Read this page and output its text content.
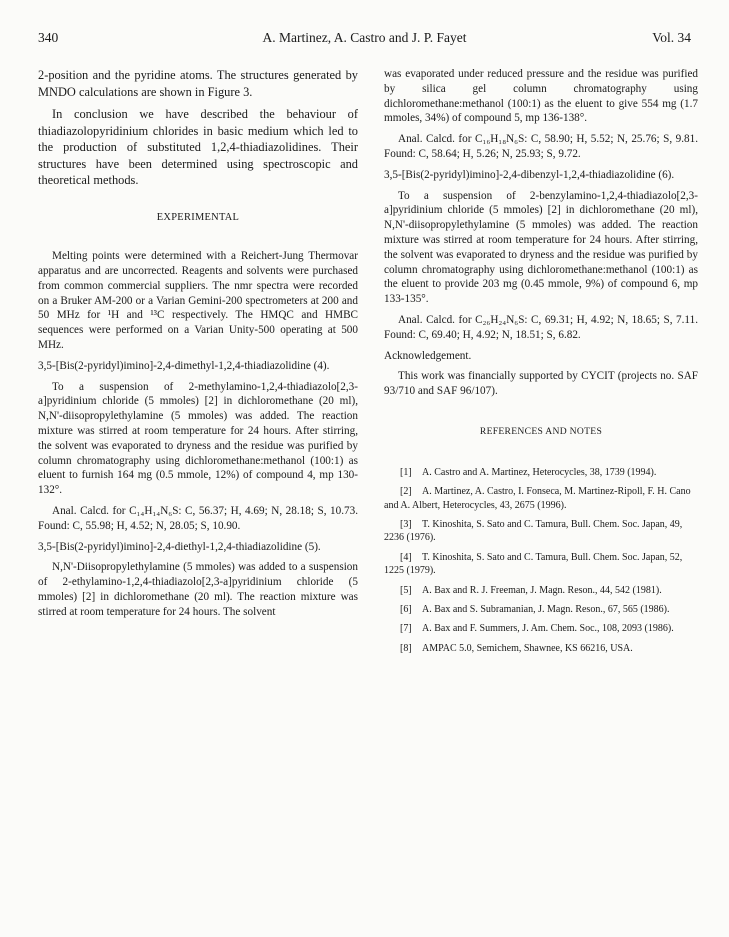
340	A. Martinez, A. Castro and J. P. Fayet	Vol. 34

2-position and the pyridine atoms. The structures generated by MNDO calculations are shown in Figure 3.

In conclusion we have described the behaviour of thiadiazolopyridinium chlorides in basic medium which led to the production of substituted 1,2,4-thiadiazolidines. Their structures have been determined using spectroscopic and theoretical methods.

EXPERIMENTAL

Melting points were determined with a Reichert-Jung Thermovar apparatus and are uncorrected. Reagents and solvents were purchased from common commercial suppliers. The nmr spectra were recorded on a Bruker AM-200 or a Varian Gemini-200 spectrometers at 200 and 50 MHz for ¹H and ¹³C respectively. The HMQC and HMBC sequences were performed on a Varian Unity-500 operating at 500 MHz.

3,5-[Bis(2-pyridyl)imino]-2,4-dimethyl-1,2,4-thiadiazolidine (4).

To a suspension of 2-methylamino-1,2,4-thiadiazolo[2,3-a]pyridinium chloride (5 mmoles) [2] in dichloromethane (20 ml), N,N'-diisopropylethylamine (5 mmoles) was added. The reaction mixture was stirred at room temperature for 24 hours. After stirring, the solvent was evaporated to dryness and the residue was purified by column chromatography using dichloromethane:methanol (100:1) as eluent to furnish 164 mg (0.5 mmole, 12%) of compound 4, mp 130-132°.

Anal. Calcd. for C₁₄H₁₄N₆S: C, 56.37; H, 4.69; N, 28.18; S, 10.73. Found: C, 55.98; H, 4.52; N, 28.05; S, 10.90.

3,5-[Bis(2-pyridyl)imino]-2,4-diethyl-1,2,4-thiadiazolidine (5).

N,N'-Diisopropylethylamine (5 mmoles) was added to a suspension of 2-ethylamino-1,2,4-thiadiazolo[2,3-a]pyridinium chloride (5 mmoles) [2] in dichloromethane (20 ml). The reaction mixture was stirred at room temperature for 24 hours. The solvent

was evaporated under reduced pressure and the residue was purified by silica gel column chromatography using dichloromethane:methanol (100:1) as the eluent to give 554 mg (1.7 mmoles, 34%) of compound 5, mp 136-138°.

Anal. Calcd. for C₁₆H₁₈N₆S: C, 58.90; H, 5.52; N, 25.76; S, 9.81. Found: C, 58.64; H, 5.26; N, 25.93; S, 9.72.

3,5-[Bis(2-pyridyl)imino]-2,4-dibenzyl-1,2,4-thiadiazolidine (6).

To a suspension of 2-benzylamino-1,2,4-thiadiazolo[2,3-a]pyridinium chloride (5 mmoles) [2] in dichloromethane (20 ml), N,N'-diisopropylethylamine (5 mmoles) was added. The reaction mixture was stirred at room temperature for 24 hours. After stirring, the solvent was evaporated to dryness and the residue was purified by column chromatography using dichloromethane:methanol (100:1) as the eluent to provide 203 mg (0.45 mmole, 9%) of compound 6, mp 133-135°.

Anal. Calcd. for C₂₆H₂₄N₆S: C, 69.31; H, 4.92; N, 18.65; S, 7.11. Found: C, 69.40; H, 4.92; N, 18.51; S, 6.82.

Acknowledgement.

This work was financially supported by CYCIT (projects no. SAF 93/710 and SAF 96/107).

REFERENCES AND NOTES

[1] A. Castro and A. Martinez, Heterocycles, 38, 1739 (1994).

[2] A. Martinez, A. Castro, I. Fonseca, M. Martinez-Ripoll, F. H. Cano and A. Albert, Heterocycles, 43, 2675 (1996).

[3] T. Kinoshita, S. Sato and C. Tamura, Bull. Chem. Soc. Japan, 49, 2236 (1976).

[4] T. Kinoshita, S. Sato and C. Tamura, Bull. Chem. Soc. Japan, 52, 1225 (1979).

[5] A. Bax and R. J. Freeman, J. Magn. Reson., 44, 542 (1981).

[6] A. Bax and S. Subramanian, J. Magn. Reson., 67, 565 (1986).

[7] A. Bax and F. Summers, J. Am. Chem. Soc., 108, 2093 (1986).

[8] AMPAC 5.0, Semichem, Shawnee, KS 66216, USA.
